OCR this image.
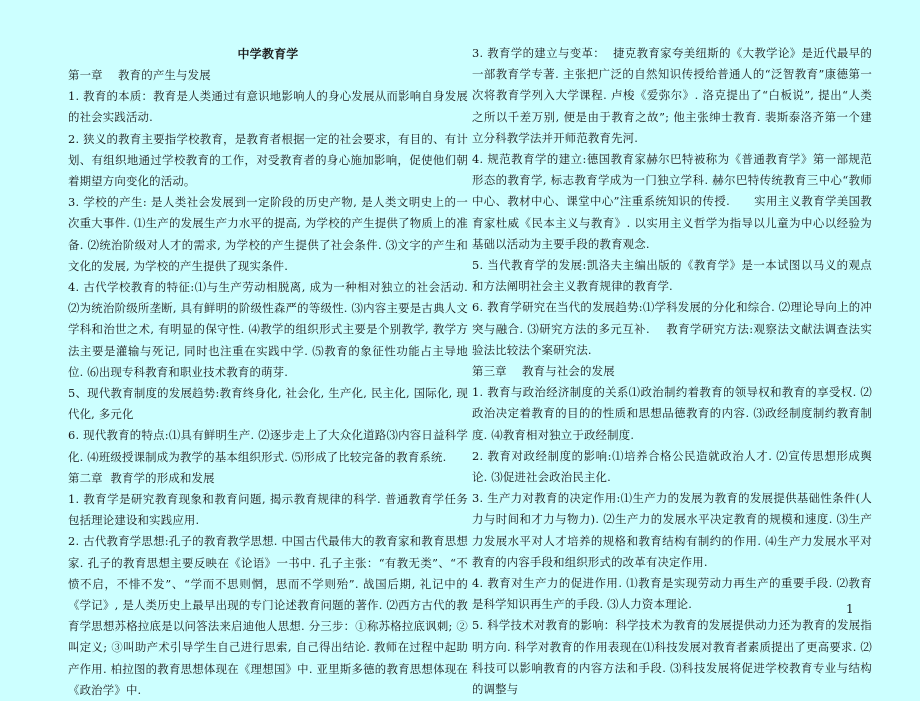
中学教育学

第一章    教育的产生与发展

1. 教育的本质：教育是人类通过有意识地影响人的身心发展从而影响自身发展的社会实践活动.

2. 狭义的教育主要指学校教育，是教育者根据一定的社会要求，有目的、有计划、有组织地通过学校教育的工作，对受教育者的身心施加影响，促使他们朝着期望方向变化的活动。

3. 学校的产生: 是人类社会发展到一定阶段的历史产物, 是人类文明史上的一次重大事件. ⑴生产的发展生产力水平的提高, 为学校的产生提供了物质上的准备. ⑵统治阶级对人才的需求, 为学校的产生提供了社会条件. ⑶文字的产生和文化的发展, 为学校的产生提供了现实条件.

4. 古代学校教育的特征:⑴与生产劳动相脱离, 成为一种相对独立的社会活动. ⑵为统治阶级所垄断, 具有鲜明的阶级性森严的等级性. ⑶内容主要是古典人文学科和治世之术, 有明显的保守性. ⑷教学的组织形式主要是个别教学, 教学方法主要是灌输与死记, 同时也注重在实践中学. ⑸教育的象征性功能占主导地位. ⑹出现专科教育和职业技术教育的萌芽.

5、现代教育制度的发展趋势:教育终身化, 社会化, 生产化, 民主化, 国际化, 现代化, 多元化

6. 现代教育的特点:⑴具有鲜明生产. ⑵逐步走上了大众化道路⑶内容日益科学化. ⑷班级授课制成为教学的基本组织形式. ⑸形成了比较完备的教育系统.

第二章  教育学的形成和发展

1. 教育学是研究教育现象和教育问题, 揭示教育规律的科学. 普通教育学任务包括理论建设和实践应用.

2. 古代教育学思想:孔子的教育教学思想. 中国古代最伟大的教育家和教育思想家. 孔子的教育思想主要反映在《论语》一书中. 孔子主张：“有教无类”、“不愤不启，不悱不发”、“学而不思则惘，思而不学则殆”. 战国后期, 礼记中的《学记》, 是人类历史上最早出现的专门论述教育问题的著作. ⑵西方古代的教育学思想苏格拉底是以问答法来启迪他人思想. 分三步：①称苏格拉底讽刺; ②叫定义; ③叫助产术引导学生自己进行思索, 自己得出结论. 教师在过程中起助产作用. 柏拉图的教育思想体现在《理想国》中. 亚里斯多德的教育思想体现在《政治学》中.

3. 教育学的建立与变革：  捷克教育家夸美纽斯的《大教学论》是近代最早的一部教育学专著. 主张把广泛的自然知识传授给普通人的“泛智教育”康德第一次将教育学列入大学课程. 卢梭《爱弥尔》. 洛克提出了“白板说”, 提出“人类之所以千差万别, 便是由于教育之故”; 他主张绅士教育. 裴斯泰洛齐第一个建立分科教学法并开师范教育先河.

4. 规范教育学的建立:德国教育家赫尔巴特被称为《普通教育学》第一部规范形态的教育学, 标志教育学成为一门独立学科. 赫尔巴特传统教育三中心“教师中心、教材中心、课堂中心”注重系统知识的传授.      实用主义教育学美国教育家杜威《民本主义与教育》. 以实用主义哲学为指导以儿童为中心以经验为基础以活动为主要手段的教育观念.

5. 当代教育学的发展:凯洛夫主编出版的《教育学》是一本试图以马义的观点和方法阐明社会主义教育规律的教育学.

6. 教育学研究在当代的发展趋势:⑴学科发展的分化和综合. ⑵理论导向上的冲突与融合. ⑶研究方法的多元互补.    教育学研究方法:观察法文献法调查法实验法比较法个案研究法.

第三章    教育与社会的发展

1. 教育与政治经济制度的关系⑴政治制约着教育的领导权和教育的享受权. ⑵政治决定着教育的目的的性质和思想品德教育的内容. ⑶政经制度制约教育制度. ⑷教育相对独立于政经制度.

2. 教育对政经制度的影响:⑴培养合格公民造就政治人才. ⑵宣传思想形成舆论. ⑶促进社会政治民主化.

3. 生产力对教育的决定作用:⑴生产力的发展为教育的发展提供基础性条件(人力与时间和才力与物力). ⑵生产力的发展水平决定教育的规模和速度. ⑶生产力发展水平对人才培养的规格和教育结构有制约的作用. ⑷生产力发展水平对教育的内容手段和组织形式的改革有决定作用.

4. 教育对生产力的促进作用. ⑴教育是实现劳动力再生产的重要手段. ⑵教育是科学知识再生产的手段. ⑶人力资本理论.

5. 科学技术对教育的影响：科学技术为教育的发展提供动力还为教育的发展指明方向. 科学对教育的作用表现在⑴科技发展对教育者素质提出了更高要求. ⑵科技可以影响教育的内容方法和手段. ⑶科技发展将促进学校教育专业与结构的调整与

1
